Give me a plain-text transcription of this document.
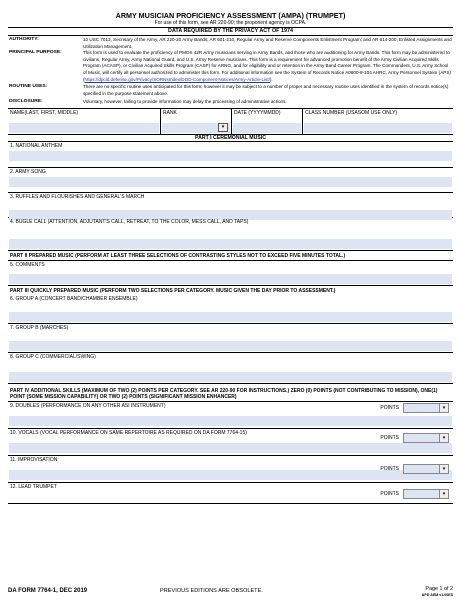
ARMY MUSICIAN PROFICIENCY ASSESSMENT (AMPA) (TRUMPET)
For use of this form, see AR 220-90; the proponent agency is OCPA.
DATA REQUIRED BY THE PRIVACY ACT OF 1974
AUTHORITY:	10 USC 7013, Secretary of the Army, AR 220-20 Army Bands; AR 601-210, Regular Army and Reserve Components Enlistment Program; and AR 614-200, Enlisted Assignments and Utilization Management.
PRINCIPAL PURPOSE:	This form is used to evaluate the proficiency of PMOS 42R Army musicians serving in Army Bands, and those who are auditioning for Army Bands. This form may be administered to civilians, Regular Army, Army National Guard, and U.S. Army Reserve musicians. This form is a requirement for advanced promotion benefit of the Army Civilian Acquired Skills Program (ACASP), or Civilian Acquired Skills Program (CASP) for ARNG, and for eligibility and or retention in the Army Band Career Program. The Commandent, U.S. Army School of Music, will certify all personnel authorized to administer this form. For additional information see the System of Records Notice A0600-8-104 AHRC, Army Personnel System (APS) (https://dpcld.defense.gov/Privacy/SORNsIndex/DOD-Component-Notices/Army-Article-List/).
ROUTINE USES:	There are no specific routine uses anticipated for this form; however it may be subject to a number of proper and necessary routine uses identified in the system of records notice(s) specified in the purpose statement above.
DISCLOSURE:	Voluntary, however, failing to provide information may delay the processing of administrative actions.
NAME(LAST, FIRST, MIDDLE)	RANK
▾
DATE (YYYYMMDD)	CLASS NUMBER (USASOM USE ONLY)
PART I CEREMONIAL MUSIC
1. NATIONAL ANTHEM
2. ARMY SONG
3. RUFFLES AND FLOURISHES AND GENERAL'S MARCH
4. BUGLE CALL (ATTENTION, ADJUTANT'S CALL, RETREAT, TO THE COLOR, MESS CALL, AND TAPS)
PART II PREPARED MUSIC (PERFORM AT LEAST THREE SELECTIONS OF CONTRASTING STYLES NOT TO EXCEED FIVE MINUTES TOTAL.)
5. COMMENTS
PART III QUICKLY PREPARED MUSIC (PERFORM TWO SELECTIONS PER CATEGORY. MUSIC GIVEN THE DAY PRIOR TO ASSESSMENT.)
6. GROUP A (CONCERT BAND/CHAMBER ENSEMBLE)
7. GROUP B (MARCHES)
8. GROUP C (COMMERCIAL/SWING)
PART IV ADDITIONAL SKILLS (MAXIMUM OF TWO (2) POINTS PER CATEGORY. SEE AR 220-90 FOR INSTRUCTIONS.) ZERO (0) POINTS (NOT CONTRIBUTING TO MISSION), ONE(1) POINT (SOME MISSION CAPABILITY) OR TWO (2) POINTS (SIGNIFICANT MISSION ENHANCER)
9. DOUBLES (PERFORMANCE ON ANY OTHER ASI INSTRUMENT)	POINTS	▾
10. VOCALS (VOCAL PERFORMANCE ON SAME REPERTOIRE AS REQUIRED ON DA FORM 7764-15)
POINTS	▾
11. IMPROVISATION
POINTS	▾
12. LEAD TRUMPET
POINTS	▾
DA FORM 7764-1, DEC 2019	PREVIOUS EDITIONS ARE OBSOLETE.	Page 1 of 2
APD AEM v1.00ES
